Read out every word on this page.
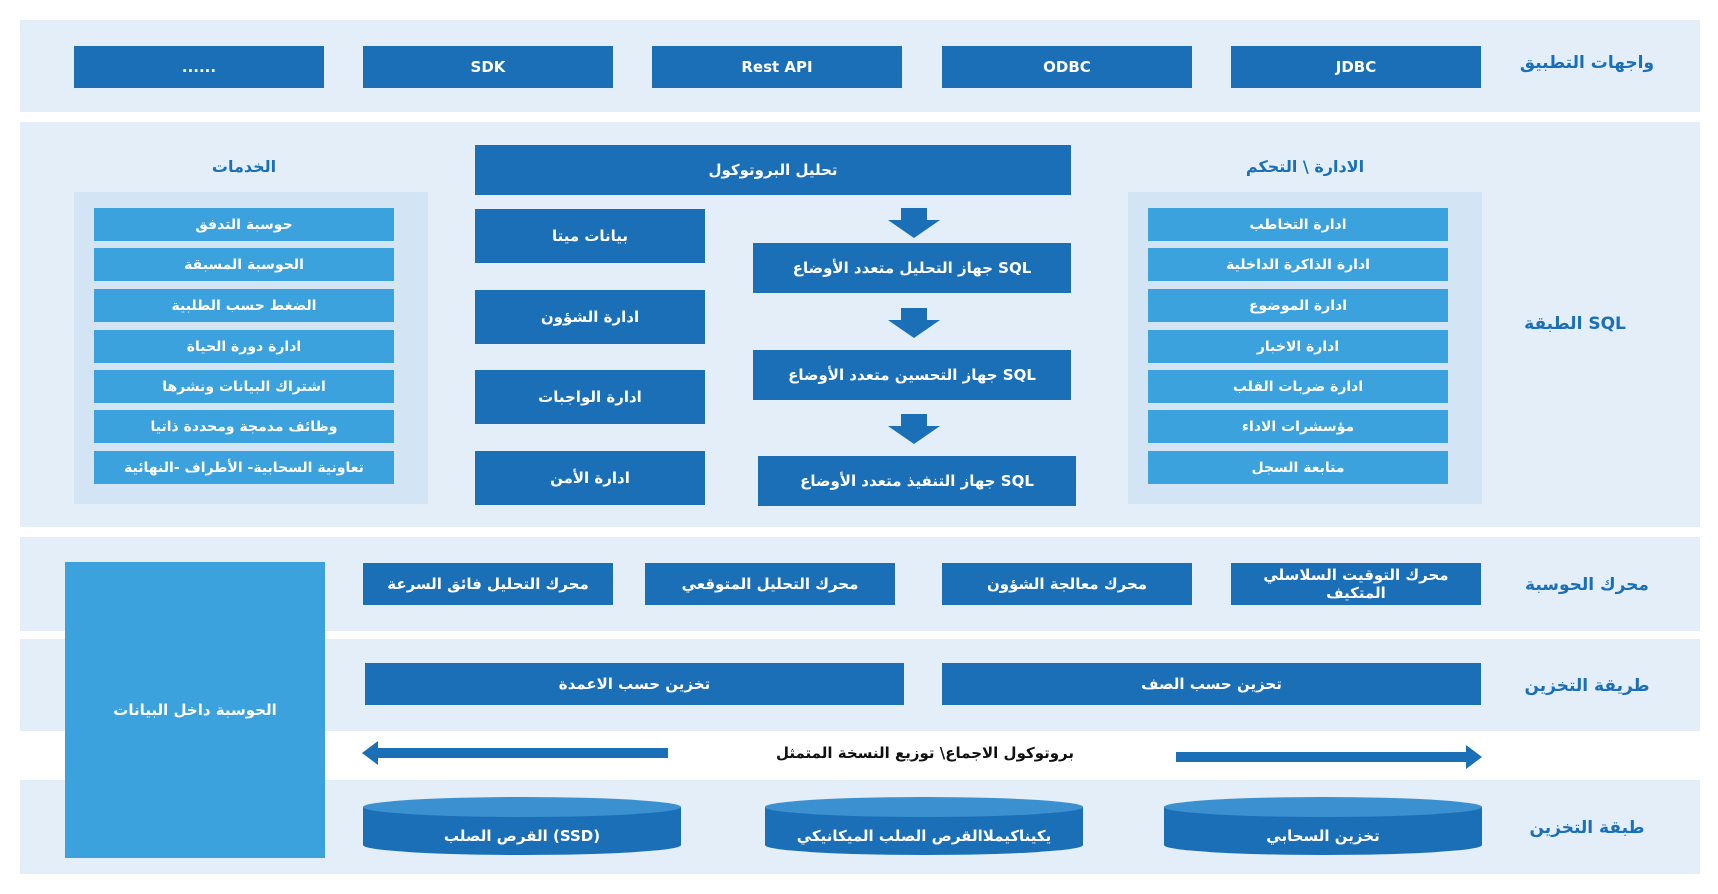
واجهات التطبيق
JDBC
ODBC
Rest API
SDK
......
الطبقة SQL
الادارة \ التحكم
ادارة التخاطب
ادارة الذاكرة الداخلية
ادارة الموضوع
ادارة الاخبار
ادارة ضربات القلب
مؤسشرات الاداء
متابعة السجل
الخدمات
حوسبة التدفق
الحوسبة المسبقة
الضغط حسب الطلبية
ادارة دورة الحياة
اشتراك البيانات ونشرها
وظائف مدمجة ومحددة ذاتيا
تعاونية السحابية- الأطراف -النهائية
تحليل البروتوكول
بيانات ميتا
ادارة الشؤون
ادارة الواجبات
ادارة الأمن
جهاز التحليل متعدد الأوضاع SQL
جهاز التحسين متعدد الأوضاع SQL
جهاز التنفيذ متعدد الأوضاع SQL
محرك الحوسبة
محرك التوقيت السلاسلي المتكيف
محرك معالجة الشؤون
محرك التحليل المتوقعي
محرك التحليل فائق السرعة
طريقة التخزين
تحزين حسب الصف
تخزين حسب الاعمدة
بروتوكول الاجماع\ توزيع النسخة المتمثل
طبقة التخزين
تخزين السحابي
يكيناكيملاالقرص الصلب الميكانيكي
القرص الصلب (SSD)
الحوسبة داخل البيانات
